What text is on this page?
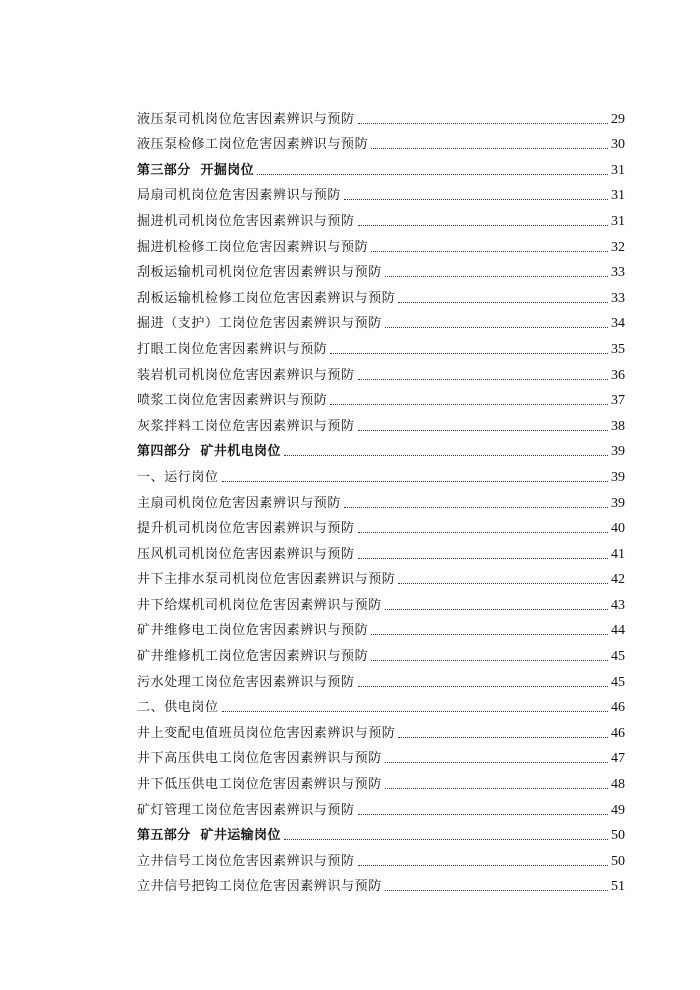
液压泵司机岗位危害因素辨识与预防	29
液压泵检修工岗位危害因素辨识与预防	30
第三部分  开掘岗位	31
局扇司机岗位危害因素辨识与预防	31
掘进机司机岗位危害因素辨识与预防	31
掘进机检修工岗位危害因素辨识与预防	32
刮板运输机司机岗位危害因素辨识与预防	33
刮板运输机检修工岗位危害因素辨识与预防	33
掘进（支护）工岗位危害因素辨识与预防	34
打眼工岗位危害因素辨识与预防	35
装岩机司机岗位危害因素辨识与预防	36
喷浆工岗位危害因素辨识与预防	37
灰浆拌料工岗位危害因素辨识与预防	38
第四部分  矿井机电岗位	39
一、运行岗位	39
主扇司机岗位危害因素辨识与预防	39
提升机司机岗位危害因素辨识与预防	40
压风机司机岗位危害因素辨识与预防	41
井下主排水泵司机岗位危害因素辨识与预防	42
井下给煤机司机岗位危害因素辨识与预防	43
矿井维修电工岗位危害因素辨识与预防	44
矿井维修机工岗位危害因素辨识与预防	45
污水处理工岗位危害因素辨识与预防	45
二、供电岗位	46
井上变配电值班员岗位危害因素辨识与预防	46
井下高压供电工岗位危害因素辨识与预防	47
井下低压供电工岗位危害因素辨识与预防	48
矿灯管理工岗位危害因素辨识与预防	49
第五部分  矿井运输岗位	50
立井信号工岗位危害因素辨识与预防	50
立井信号把钩工岗位危害因素辨识与预防	51
